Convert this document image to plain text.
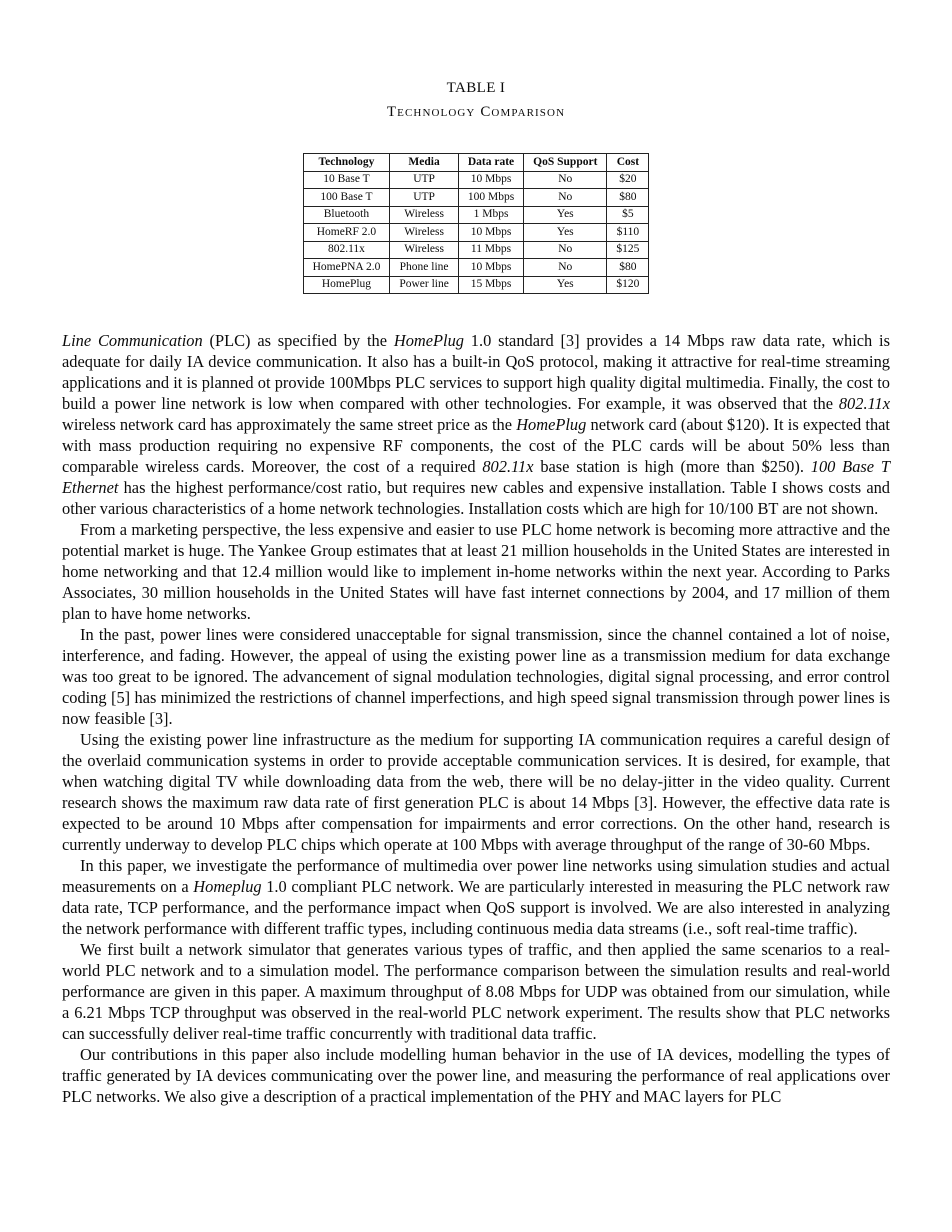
TABLE I
Technology Comparison
Technology	Media	Data rate	QoS Support	Cost
10 Base T	UTP	10 Mbps	No	$20
100 Base T	UTP	100 Mbps	No	$80
Bluetooth	Wireless	1 Mbps	Yes	$5
HomeRF 2.0	Wireless	10 Mbps	Yes	$110
802.11x	Wireless	11 Mbps	No	$125
HomePNA 2.0	Phone line	10 Mbps	No	$80
HomePlug	Power line	15 Mbps	Yes	$120

Line Communication (PLC) as specified by the HomePlug 1.0 standard [3] provides a 14 Mbps raw data rate, which is adequate for daily IA device communication. It also has a built-in QoS protocol, making it attractive for real-time streaming applications and it is planned ot provide 100Mbps PLC services to support high quality digital multimedia. Finally, the cost to build a power line network is low when compared with other technologies. For example, it was observed that the 802.11x wireless network card has approximately the same street price as the HomePlug network card (about $120). It is expected that with mass production requiring no expensive RF components, the cost of the PLC cards will be about 50% less than comparable wireless cards. Moreover, the cost of a required 802.11x base station is high (more than $250). 100 Base T Ethernet has the highest performance/cost ratio, but requires new cables and expensive installation. Table I shows costs and other various characteristics of a home network technologies. Installation costs which are high for 10/100 BT are not shown.

From a marketing perspective, the less expensive and easier to use PLC home network is becoming more attractive and the potential market is huge. The Yankee Group estimates that at least 21 million households in the United States are interested in home networking and that 12.4 million would like to implement in-home networks within the next year. According to Parks Associates, 30 million households in the United States will have fast internet connections by 2004, and 17 million of them plan to have home networks.

In the past, power lines were considered unacceptable for signal transmission, since the channel contained a lot of noise, interference, and fading. However, the appeal of using the existing power line as a transmission medium for data exchange was too great to be ignored. The advancement of signal modulation technologies, digital signal processing, and error control coding [5] has minimized the restrictions of channel imperfections, and high speed signal transmission through power lines is now feasible [3].

Using the existing power line infrastructure as the medium for supporting IA communication requires a careful design of the overlaid communication systems in order to provide acceptable communication services. It is desired, for example, that when watching digital TV while downloading data from the web, there will be no delay-jitter in the video quality. Current research shows the maximum raw data rate of first generation PLC is about 14 Mbps [3]. However, the effective data rate is expected to be around 10 Mbps after compensation for impairments and error corrections. On the other hand, research is currently underway to develop PLC chips which operate at 100 Mbps with average throughput of the range of 30-60 Mbps.

In this paper, we investigate the performance of multimedia over power line networks using simulation studies and actual measurements on a Homeplug 1.0 compliant PLC network. We are particularly interested in measuring the PLC network raw data rate, TCP performance, and the performance impact when QoS support is involved. We are also interested in analyzing the network performance with different traffic types, including continuous media data streams (i.e., soft real-time traffic).

We first built a network simulator that generates various types of traffic, and then applied the same scenarios to a real-world PLC network and to a simulation model. The performance comparison between the simulation results and real-world performance are given in this paper. A maximum throughput of 8.08 Mbps for UDP was obtained from our simulation, while a 6.21 Mbps TCP throughput was observed in the real-world PLC network experiment. The results show that PLC networks can successfully deliver real-time traffic concurrently with traditional data traffic.

Our contributions in this paper also include modelling human behavior in the use of IA devices, modelling the types of traffic generated by IA devices communicating over the power line, and measuring the performance of real applications over PLC networks. We also give a description of a practical implementation of the PHY and MAC layers for PLC
